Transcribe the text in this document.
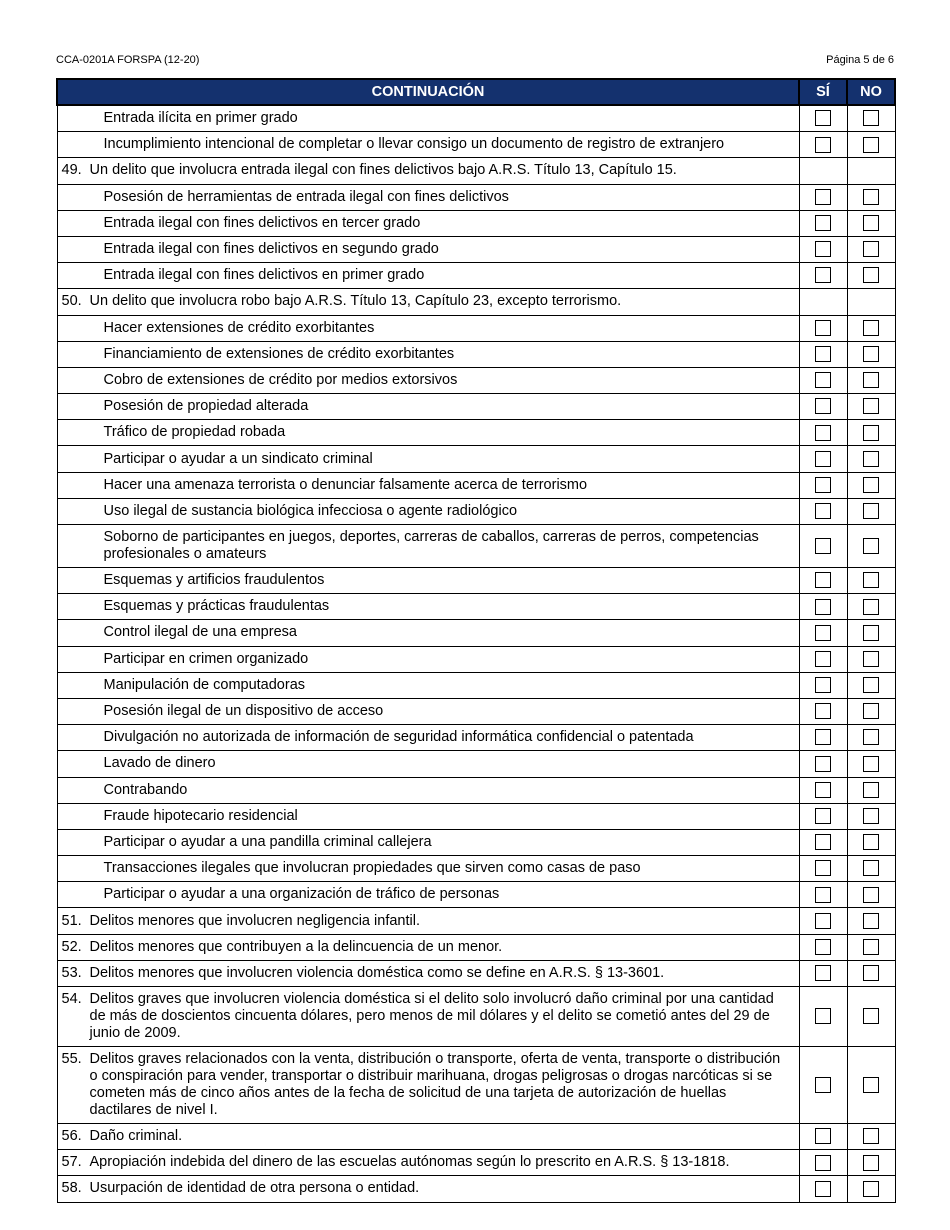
CCA-0201A FORSPA (12-20)	Página 5 de 6
CONTINUACIÓN	SÍ	NO

Entrada ilícita en primer grado		

Incumplimiento intencional de completar o llevar consigo un documento de registro de extranjero		

49. Un delito que involucra entrada ilegal con fines delictivos bajo A.R.S. Título 13, Capítulo 15.		

Posesión de herramientas de entrada ilegal con fines delictivos		

Entrada ilegal con fines delictivos en tercer grado		

Entrada ilegal con fines delictivos en segundo grado		

Entrada ilegal con fines delictivos en primer grado		

50. Un delito que involucra robo bajo A.R.S. Título 13, Capítulo 23, excepto terrorismo.		

Hacer extensiones de crédito exorbitantes		

Financiamiento de extensiones de crédito exorbitantes		

Cobro de extensiones de crédito por medios extorsivos		

Posesión de propiedad alterada		

Tráfico de propiedad robada		

Participar o ayudar a un sindicato criminal		

Hacer una amenaza terrorista o denunciar falsamente acerca de terrorismo		

Uso ilegal de sustancia biológica infecciosa o agente radiológico		

Soborno de participantes en juegos, deportes, carreras de caballos, carreras de perros, competencias profesionales o amateurs		

Esquemas y artificios fraudulentos		

Esquemas y prácticas fraudulentas		

Control ilegal de una empresa		

Participar en crimen organizado		

Manipulación de computadoras		

Posesión ilegal de un dispositivo de acceso		

Divulgación no autorizada de información de seguridad informática confidencial o patentada		

Lavado de dinero		

Contrabando		

Fraude hipotecario residencial		

Participar o ayudar a una pandilla criminal callejera		

Transacciones ilegales que involucran propiedades que sirven como casas de paso		

Participar o ayudar a una organización de tráfico de personas		

51. Delitos menores que involucren negligencia infantil.		

52. Delitos menores que contribuyen a la delincuencia de un menor.		

53. Delitos menores que involucren violencia doméstica como se define en A.R.S. § 13-3601.		

54. Delitos graves que involucren violencia doméstica si el delito solo involucró daño criminal por una cantidad de más de doscientos cincuenta dólares, pero menos de mil dólares y el delito se cometió antes del 29 de junio de 2009.		

55. Delitos graves relacionados con la venta, distribución o transporte, oferta de venta, transporte o distribución o conspiración para vender, transportar o distribuir marihuana, drogas peligrosas o drogas narcóticas si se cometen más de cinco años antes de la fecha de solicitud de una tarjeta de autorización de huellas dactilares de nivel I.		

56. Daño criminal.		

57. Apropiación indebida del dinero de las escuelas autónomas según lo prescrito en A.R.S. § 13-1818.		

58. Usurpación de identidad de otra persona o entidad.		
